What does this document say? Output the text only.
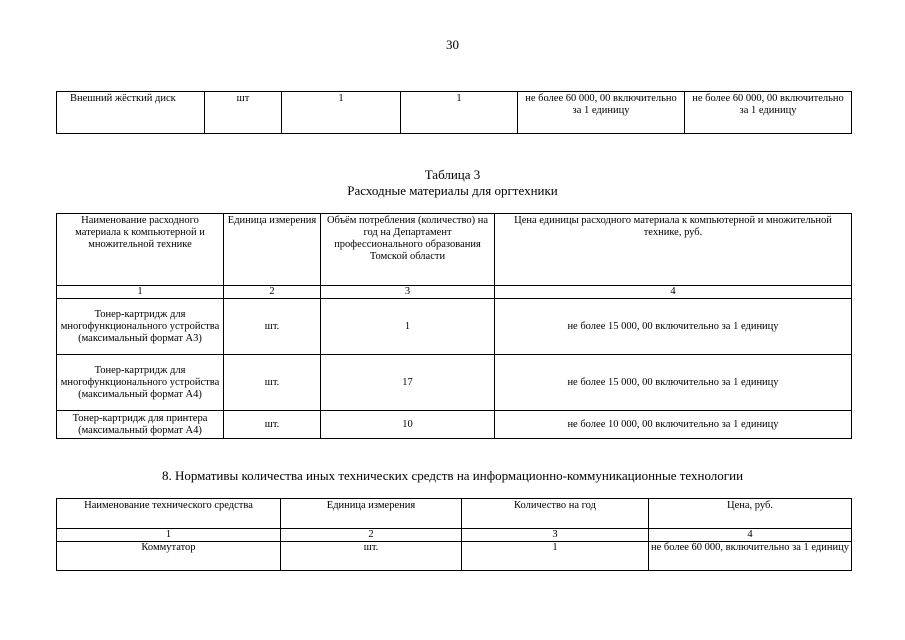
30
Внешний жёсткий диск	шт	1	1	не более 60 000, 00 включительно за 1 единицу	не более 60 000, 00 включительно за 1 единицу
Таблица 3
Расходные материалы для оргтехники
Наименование расходного материала к компьютерной и множительной технике	Единица измерения	Объём потребления (количество) на год на Департамент профессионального образования Томской области	Цена единицы расходного материала к компьютерной и множительной технике, руб.
1	2	3	4
Тонер-картридж для многофункционального устройства (максимальный формат А3)	шт.	1	не более 15 000, 00 включительно за 1 единицу
Тонер-картридж для многофункционального устройства (максимальный формат А4)	шт.	17	не более 15 000, 00 включительно за 1 единицу
Тонер-картридж для принтера (максимальный формат А4)	шт.	10	не более 10 000, 00 включительно за 1 единицу
8. Нормативы количества иных технических средств на информационно-коммуникационные технологии
Наименование технического средства	Единица измерения	Количество на год	Цена, руб.
1	2	3	4
Коммутатор	шт.	1	не более 60 000, включительно за 1 единицу
